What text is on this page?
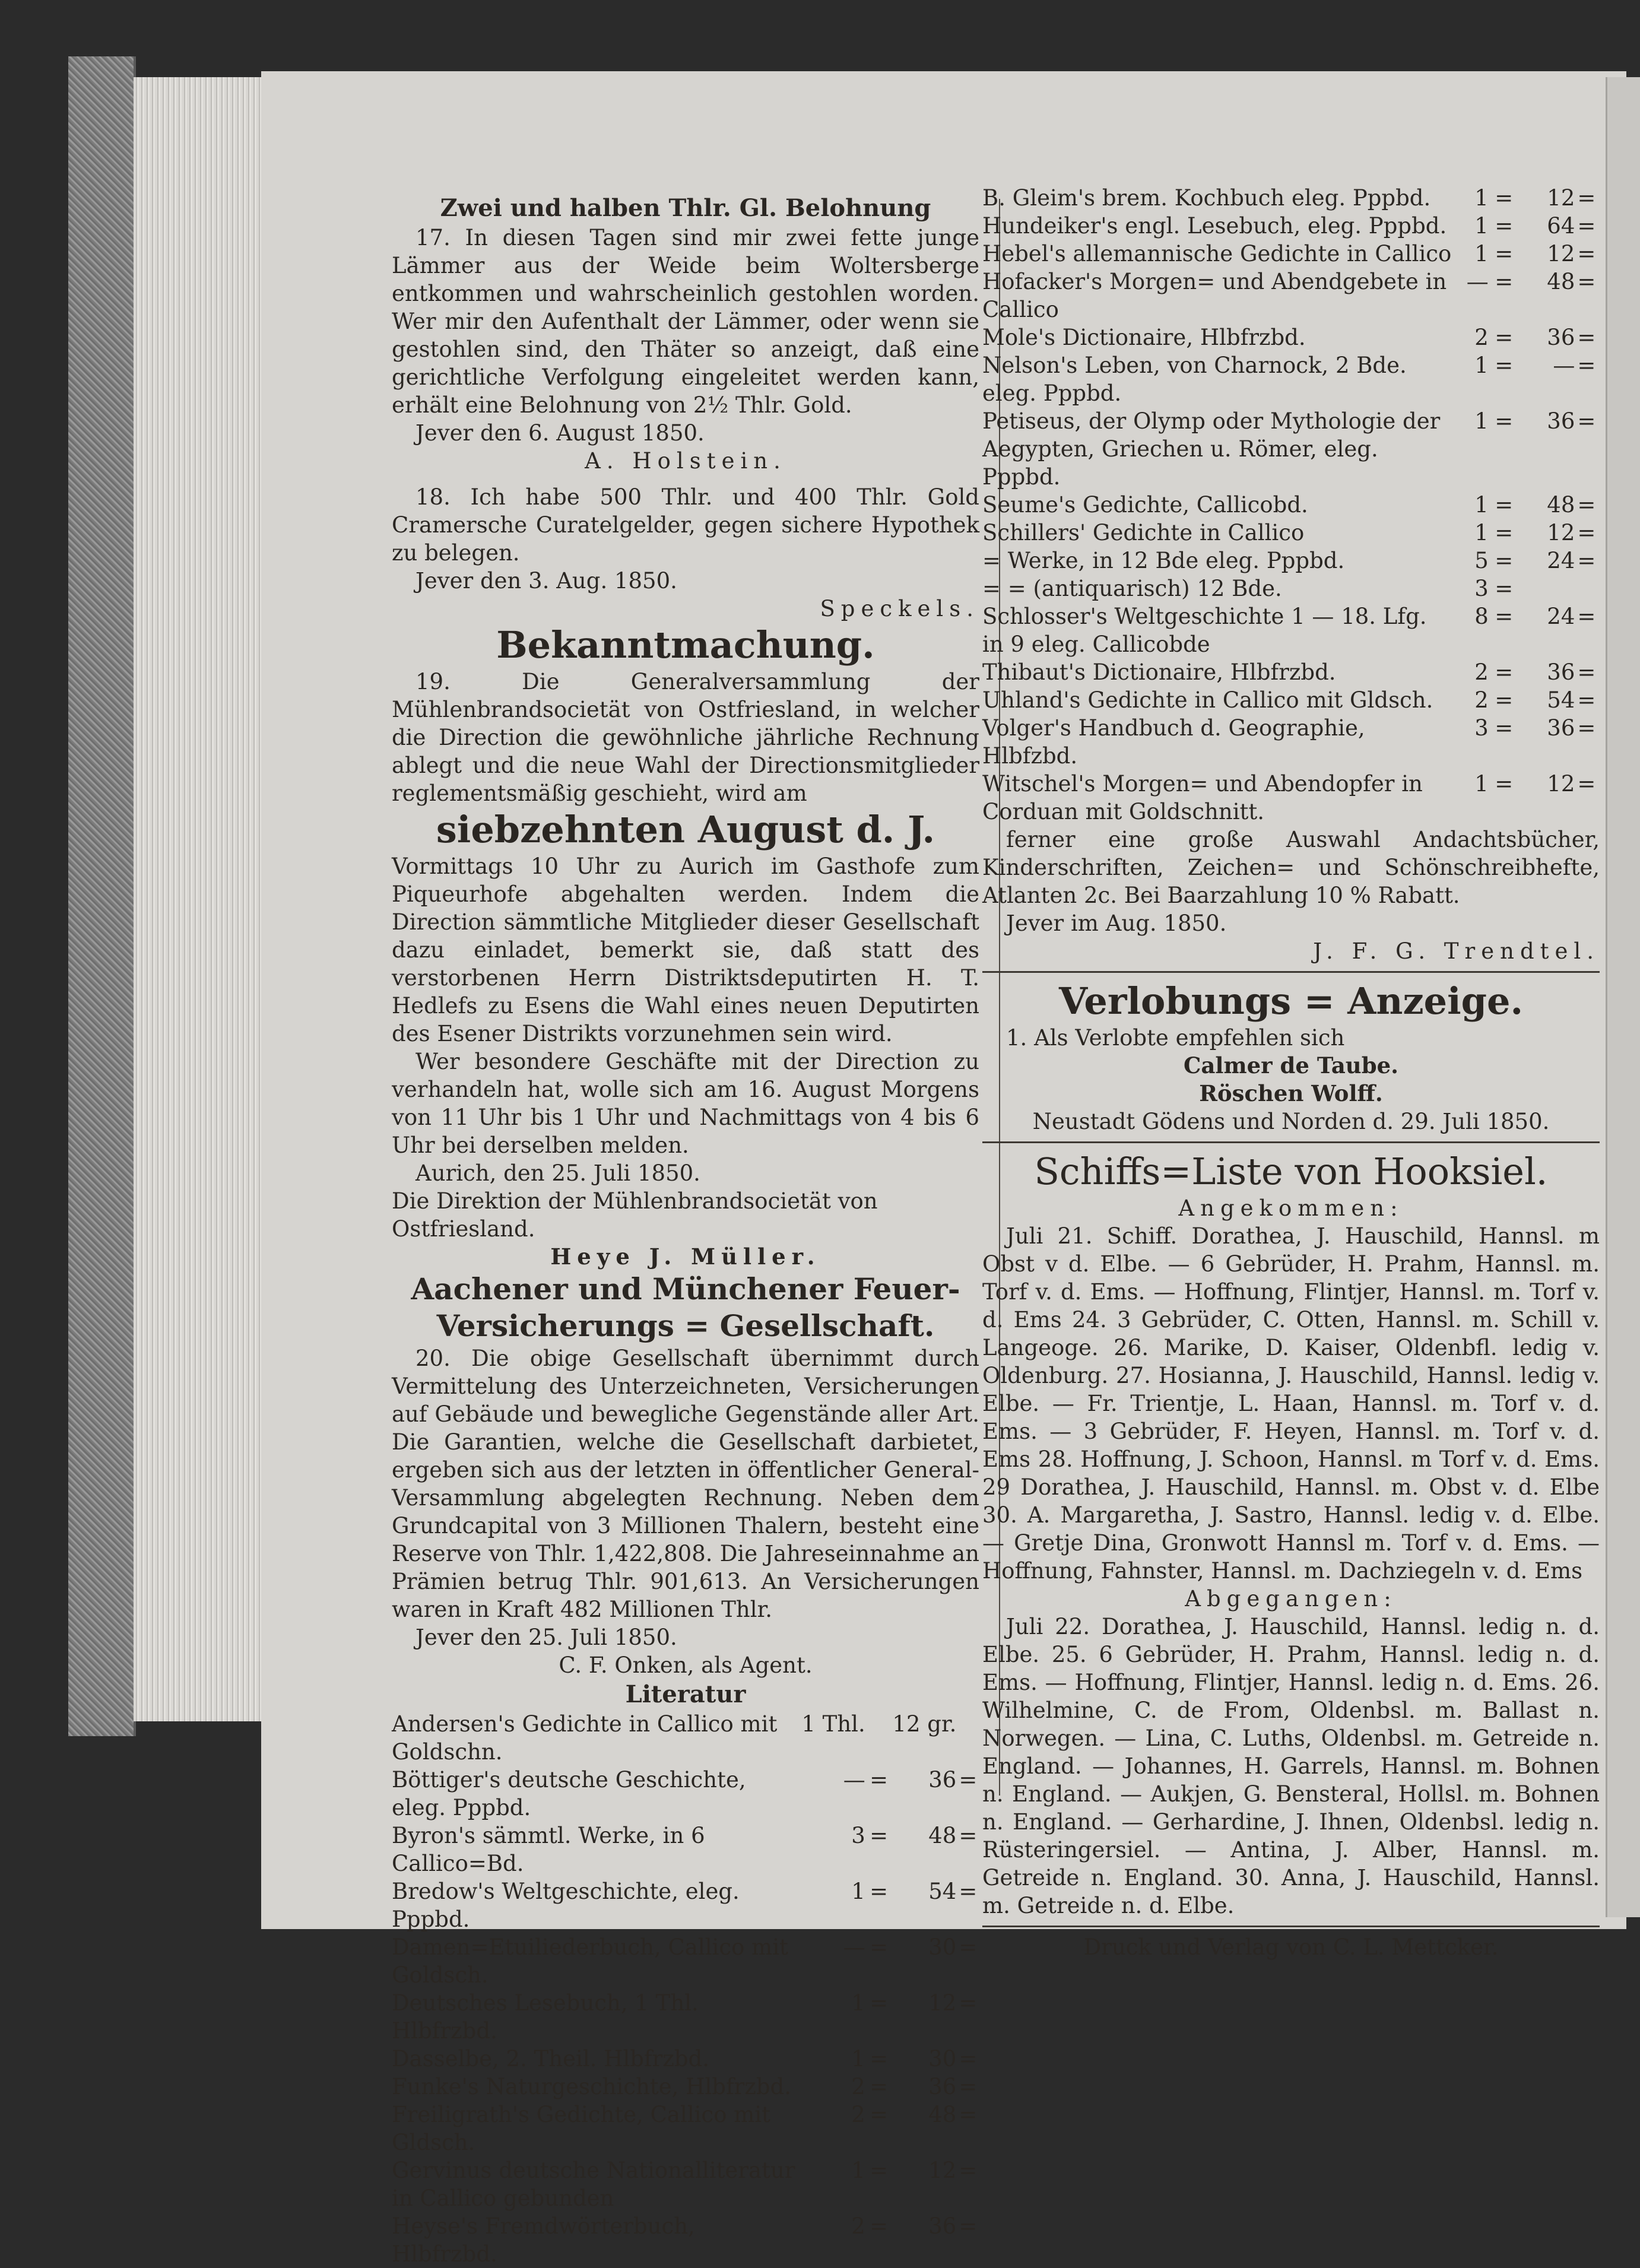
Zwei und halben Thlr. Gl. Belohnung
17. In diesen Tagen sind mir zwei fette junge Lämmer aus der Weide beim Woltersberge entkommen und wahrscheinlich gestohlen worden. Wer mir den Aufenthalt der Lämmer, oder wenn sie gestohlen sind, den Thäter so anzeigt, daß eine gerichtliche Verfolgung eingeleitet werden kann, erhält eine Belohnung von 2½ Thlr. Gold.
Jever den 6. August 1850.
A. Holstein.
18. Ich habe 500 Thlr. und 400 Thlr. Gold Cramersche Curatelgelder, gegen sichere Hypothek zu belegen.
Jever den 3. Aug. 1850.
Speckels.
Bekanntmachung.
19. Die Generalversammlung der Mühlenbrandsocietät von Ostfriesland, in welcher die Direction die gewöhnliche jährliche Rechnung ablegt und die neue Wahl der Directionsmitglieder reglementsmäßig geschieht, wird am
siebzehnten August d. J.
Vormittags 10 Uhr zu Aurich im Gasthofe zum Piqueurhofe abgehalten werden. Indem die Direction sämmtliche Mitglieder dieser Gesellschaft dazu einladet, bemerkt sie, daß statt des verstorbenen Herrn Distriktsdeputirten H. T. Hedlefs zu Esens die Wahl eines neuen Deputirten des Esener Distrikts vorzunehmen sein wird.
Wer besondere Geschäfte mit der Direction zu verhandeln hat, wolle sich am 16. August Morgens von 11 Uhr bis 1 Uhr und Nachmittags von 4 bis 6 Uhr bei derselben melden.
Aurich, den 25. Juli 1850.
Die Direktion der Mühlenbrandsocietät von Ostfriesland.
Heye J. Müller.
Aachener und Münchener Feuer-Versicherungs = Gesellschaft.
20. Die obige Gesellschaft übernimmt durch Vermittelung des Unterzeichneten, Versicherungen auf Gebäude und bewegliche Gegenstände aller Art. Die Garantien, welche die Gesellschaft darbietet, ergeben sich aus der letzten in öffentlicher General-Versammlung abgelegten Rechnung. Neben dem Grundcapital von 3 Millionen Thalern, besteht eine Reserve von Thlr. 1,422,808. Die Jahreseinnahme an Prämien betrug Thlr. 901,613. An Versicherungen waren in Kraft 482 Millionen Thlr.
Jever den 25. Juli 1850.
C. F. Onken, als Agent.
Literatur
Andersen's Gedichte in Callico mit Goldschn.	1 Thl.		12 gr.	
Böttiger's deutsche Geschichte, eleg. Pppbd.	—	=	36	=
Byron's sämmtl. Werke, in 6 Callico=Bd.	3	=	48	=
Bredow's Weltgeschichte, eleg. Pppbd.	1	=	54	=
Damen=Etuiliederbuch, Callico mit Goldsch.	—	=	30	=
Deutsches Lesebuch, 1 Thl. Hlbfrzbd.	1	=	12	=
Dasselbe, 2. Theil. Hlbfrzbd.	1	=	30	=
Funke's Naturgeschichte, Hlbfrzbd.	2	=	36	=
Freiligrath's Gedichte, Callico mit Gldsch.	2	=	48	=
Gervinus deutsche Nationalliteratur in Callico gebunden	1	=	12	=
Heyse's Fremdwörterbuch, Hlbfrzbd.	2	=	36	=
B. Gleim's brem. Kochbuch eleg. Pppbd.	1	=	12	=
Hundeiker's engl. Lesebuch, eleg. Pppbd.	1	=	64	=
Hebel's allemannische Gedichte in Callico	1	=	12	=
Hofacker's Morgen= und Abendgebete in Callico	—	=	48	=
Mole's Dictionaire, Hlbfrzbd.	2	=	36	=
Nelson's Leben, von Charnock, 2 Bde. eleg. Pppbd.	1	=	—	=
Petiseus, der Olymp oder Mythologie der Aegypten, Griechen u. Römer, eleg. Pppbd.	1	=	36	=
Seume's Gedichte, Callicobd.	1	=	48	=
Schillers' Gedichte in Callico	1	=	12	=
= Werke, in 12 Bde eleg. Pppbd.	5	=	24	=
= = (antiquarisch) 12 Bde.	3	=		
Schlosser's Weltgeschichte 1 — 18. Lfg. in 9 eleg. Callicobde	8	=	24	=
Thibaut's Dictionaire, Hlbfrzbd.	2	=	36	=
Uhland's Gedichte in Callico mit Gldsch.	2	=	54	=
Volger's Handbuch d. Geographie, Hlbfzbd.	3	=	36	=
Witschel's Morgen= und Abendopfer in Corduan mit Goldschnitt.	1	=	12	=
ferner eine große Auswahl Andachtsbücher, Kinderschriften, Zeichen= und Schönschreibhefte, Atlanten 2c. Bei Baarzahlung 10 % Rabatt.
Jever im Aug. 1850.
J. F. G. Trendtel.
Verlobungs = Anzeige.
1. Als Verlobte empfehlen sich
Calmer de Taube.
Röschen Wolff.
Neustadt Gödens und Norden d. 29. Juli 1850.
Schiffs=Liste von Hooksiel.
Angekommen:
Juli 21. Schiff. Dorathea, J. Hauschild, Hannsl. m Obst v d. Elbe. — 6 Gebrüder, H. Prahm, Hannsl. m. Torf v. d. Ems. — Hoffnung, Flintjer, Hannsl. m. Torf v. d. Ems 24. 3 Gebrüder, C. Otten, Hannsl. m. Schill v. Langeoge. 26. Marike, D. Kaiser, Oldenbfl. ledig v. Oldenburg. 27. Hosianna, J. Hauschild, Hannsl. ledig v. Elbe. — Fr. Trientje, L. Haan, Hannsl. m. Torf v. d. Ems. — 3 Gebrüder, F. Heyen, Hannsl. m. Torf v. d. Ems 28. Hoffnung, J. Schoon, Hannsl. m Torf v. d. Ems. 29 Dorathea, J. Hauschild, Hannsl. m. Obst v. d. Elbe 30. A. Margaretha, J. Sastro, Hannsl. ledig v. d. Elbe. — Gretje Dina, Gronwott Hannsl m. Torf v. d. Ems. — Hoffnung, Fahnster, Hannsl. m. Dachziegeln v. d. Ems
Abgegangen:
Juli 22. Dorathea, J. Hauschild, Hannsl. ledig n. d. Elbe. 25. 6 Gebrüder, H. Prahm, Hannsl. ledig n. d. Ems. — Hoffnung, Flintjer, Hannsl. ledig n. d. Ems. 26. Wilhelmine, C. de From, Oldenbsl. m. Ballast n. Norwegen. — Lina, C. Luths, Oldenbsl. m. Getreide n. England. — Johannes, H. Garrels, Hannsl. m. Bohnen n. England. — Aukjen, G. Bensteral, Hollsl. m. Bohnen n. England. — Gerhardine, J. Ihnen, Oldenbsl. ledig n. Rüsteringersiel. — Antina, J. Alber, Hannsl. m. Getreide n. England. 30. Anna, J. Hauschild, Hannsl. m. Getreide n. d. Elbe.
Druck und Verlag von C. L. Mettcker.
